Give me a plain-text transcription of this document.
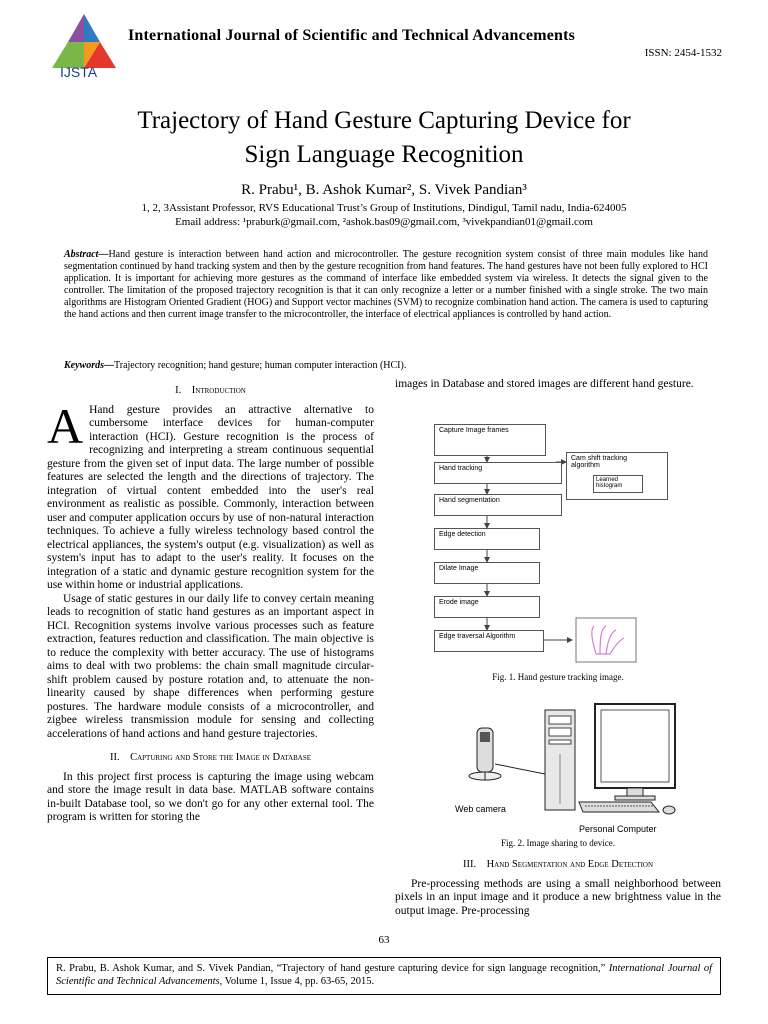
IJSTA
International Journal of Scientific and Technical Advancements
ISSN: 2454-1532
Trajectory of Hand Gesture Capturing Device for
Sign Language Recognition
R. Prabu¹, B. Ashok Kumar², S. Vivek Pandian³
1, 2, 3Assistant Professor, RVS Educational Trust’s Group of Institutions, Dindigul, Tamil nadu, India-624005
Email address: ¹praburk@gmail.com, ²ashok.bas09@gmail.com, ³vivekpandian01@gmail.com
Abstract—Hand gesture is interaction between hand action and microcontroller. The gesture recognition system consist of three main modules like hand segmentation continued by hand tracking system and then by the gesture recognition from hand features. The hand gestures have not been fully explored to HCI application. It is important for achieving more gestures as the command of interface like embedded system via wireless. It detects the signal given to the controller. The limitation of the proposed trajectory recognition is that it can only recognize a letter or a number finished with a single stroke. The two main algorithms are Histogram Oriented Gradient (HOG) and Support vector machines (SVM) to recognize combination hand action. The camera is used to capturing the hand actions and then current image transfer to the microcontroller, the interface of electrical appliances is controlled by hand action.
Keywords—Trajectory recognition; hand gesture; human computer interaction (HCI).
I. Introduction

A Hand gesture provides an attractive alternative to cumbersome interface devices for human-computer interaction (HCI). Gesture recognition is the process of recognizing and interpreting a stream continuous sequential gesture from the given set of input data. The large number of possible features are selected the length and the directions of trajectory. The integration of virtual content embedded into the user's real environment as realistic as possible. Commonly, interaction between user and computer application occurs by use of non-natural interaction techniques. To achieve a fully wireless technology based control the electrical appliances, the system's output (e.g. visualization) as well as system's input has to adapt to the user's reality. It focuses on the integration of a static and dynamic gesture recognition system for the use within home or industrial applications.

Usage of static gestures in our daily life to convey certain meaning leads to recognition of static hand gestures as an important aspect in HCI. Recognition systems involve various processes such as feature extraction, features reduction and classification. The main objective is to reduce the complexity with better accuracy. The use of histograms aims to deal with two problems: the chain small magnitude circular-shift problem caused by posture rotation and, to attenuate the non-linearity caused by shape differences when performing gesture postures. The hardware module consists of a microcontroller, and zigbee wireless transmission module for sensing and collecting accelerations of hand actions and hand gesture trajectories.

II. Capturing and Store the Image in Database

In this project first process is capturing the image using webcam and store the image result in data base. MATLAB software contains in-built Database tool, so we don't go for any other external tool. The program is written for storing the

images in Database and stored images are different hand gesture.
Capture Image frames
Hand tracking
Hand segmentation
Edge detection
Dilate Image
Erode image
Edge traversal Algorithm
Cam shift tracking algorithm
Learned histogram
Fig. 1. Hand gesture tracking image.
Web camera
Personal Computer
Fig. 2. Image sharing to device.
III. Hand Segmentation and Edge Detection

Pre-processing methods are using a small neighborhood between pixels in an input image and it produce a new brightness value in the output image. Pre-processing

63
R. Prabu, B. Ashok Kumar, and S. Vivek Pandian, “Trajectory of hand gesture capturing device for sign language recognition,” International Journal of Scientific and Technical Advancements, Volume 1, Issue 4, pp. 63-65, 2015.
